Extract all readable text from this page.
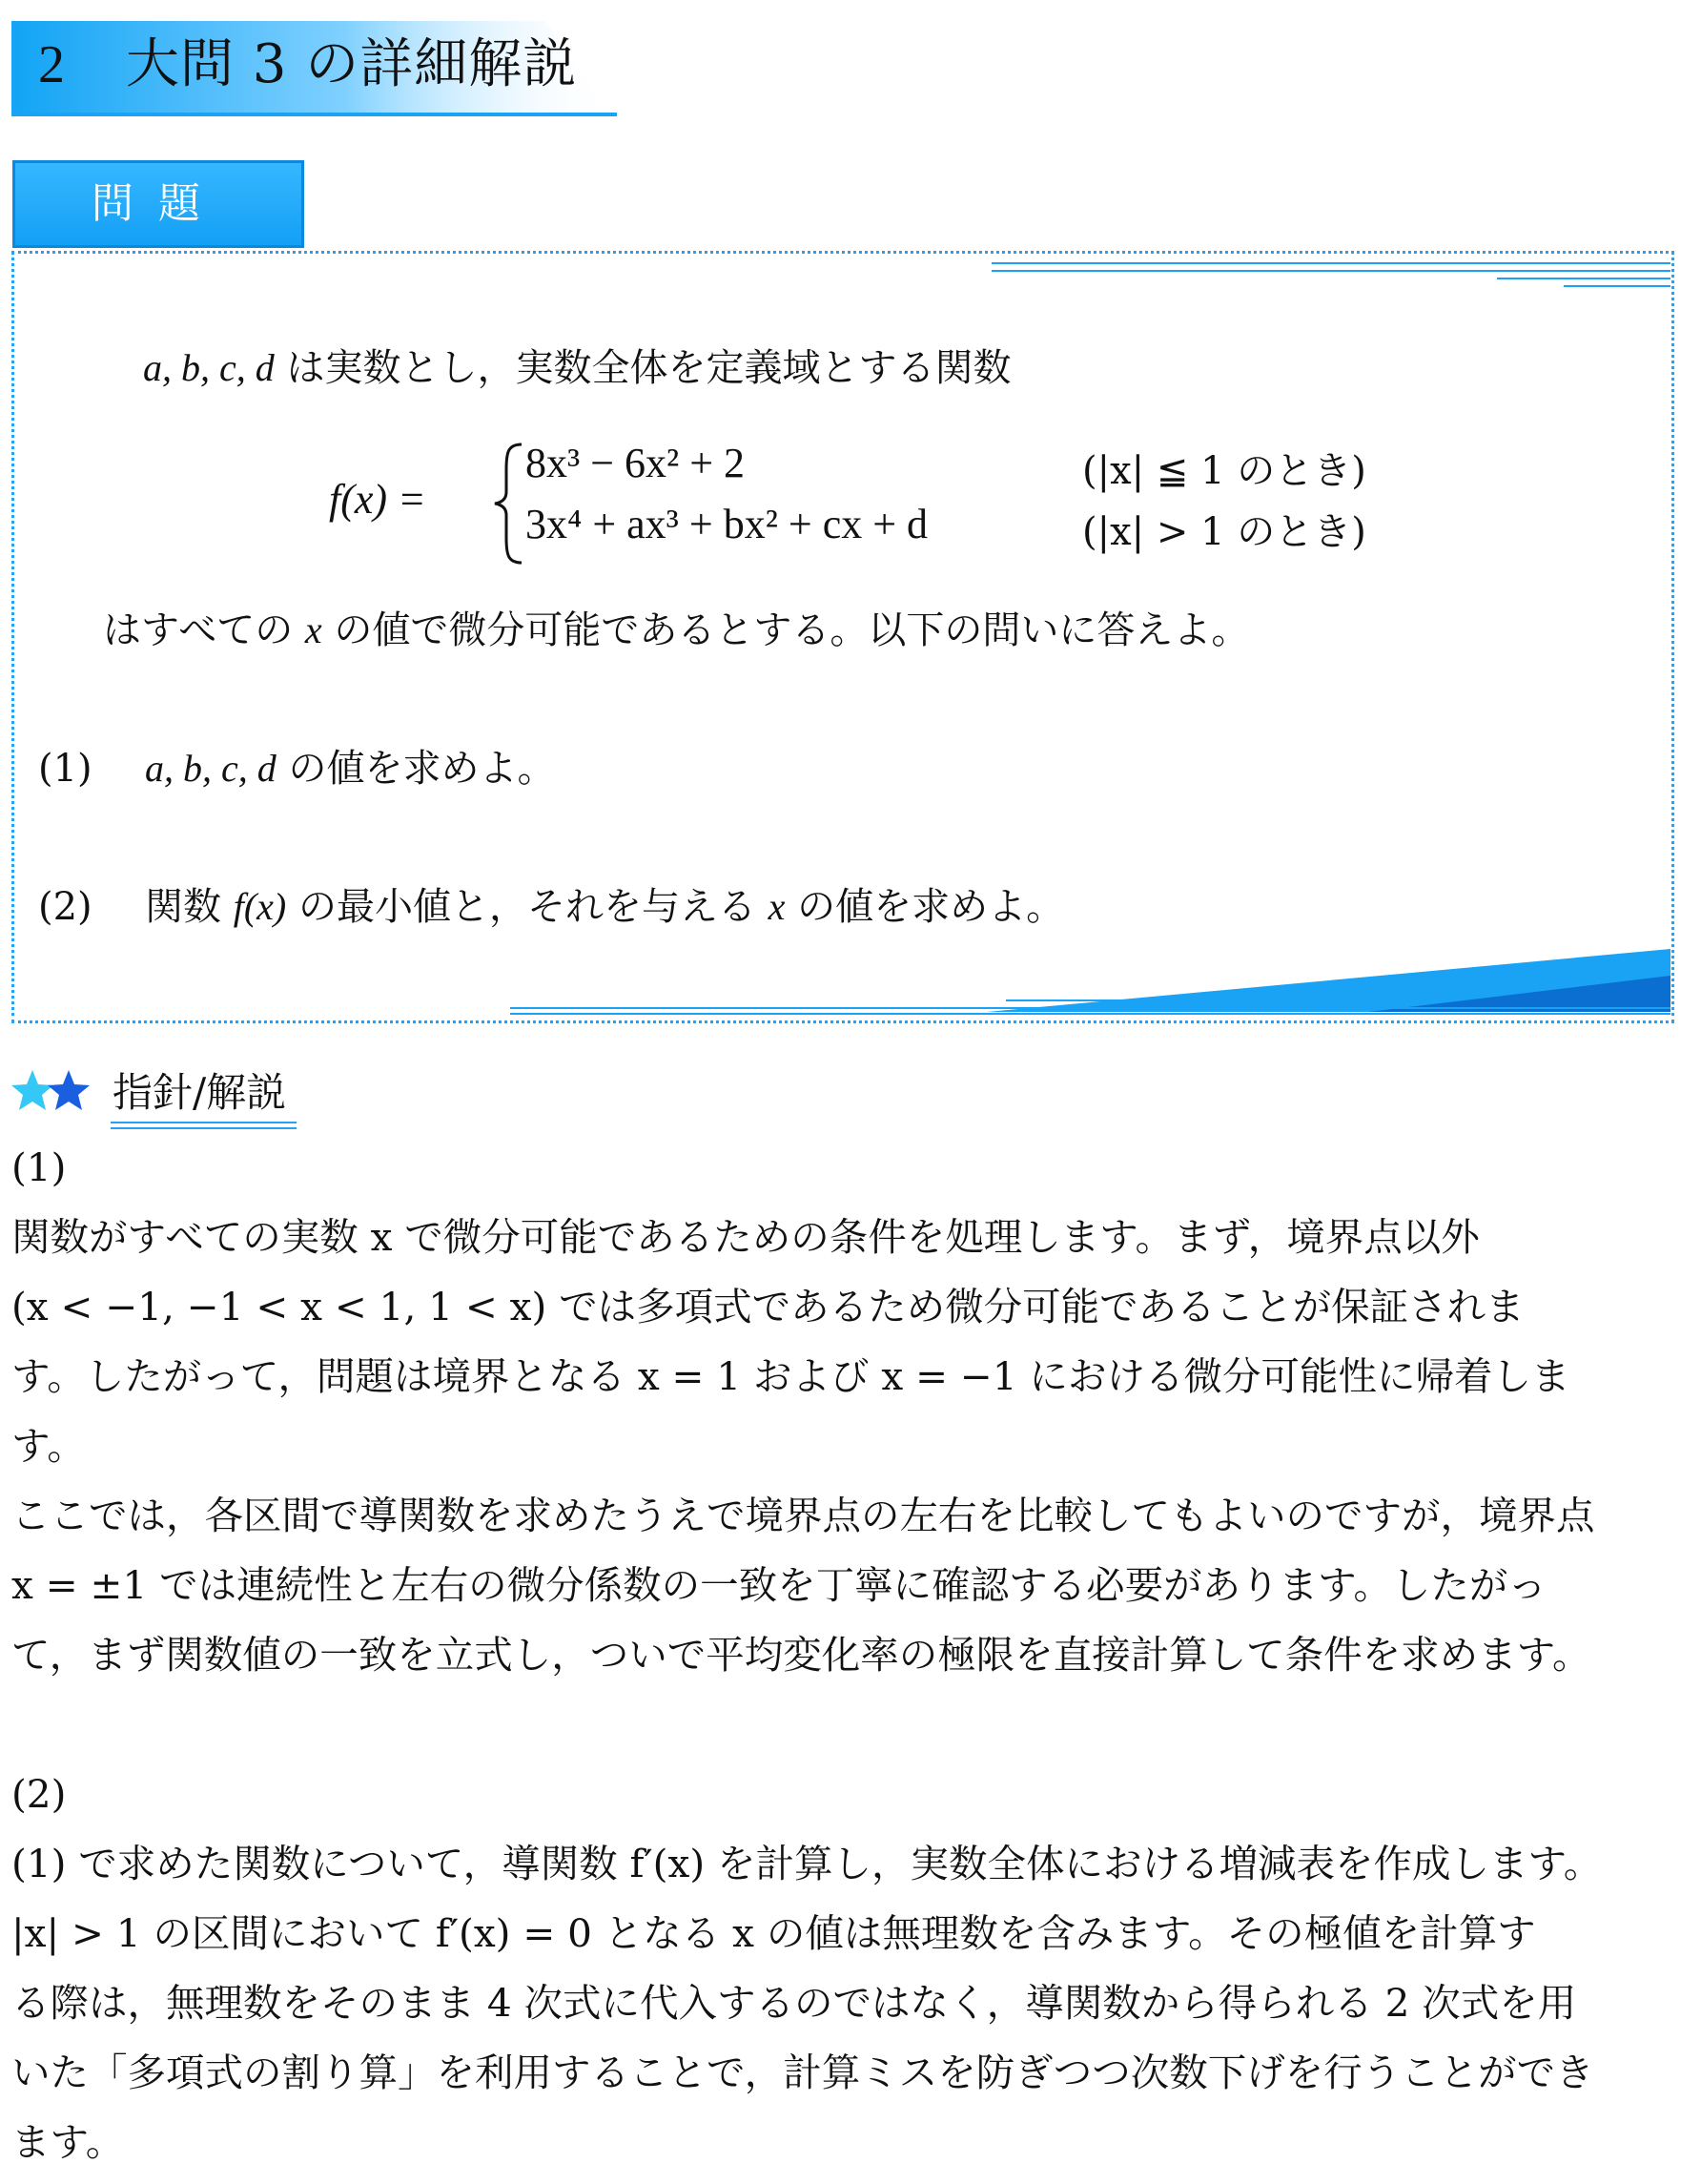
2 大問 3 の詳細解説
問題
a, b, c, d は実数とし，実数全体を定義域とする関数
f(x) =
8x³ − 6x² + 2
3x⁴ + ax³ + bx² + cx + d
(|x| ≦ 1 のとき)
(|x| > 1 のとき)
はすべての x の値で微分可能であるとする。以下の問いに答えよ。
(1) a, b, c, d の値を求めよ。
(2) 関数 f(x) の最小値と，それを与える x の値を求めよ。
指針/解説
(1)
関数がすべての実数 x で微分可能であるための条件を処理します。まず，境界点以外
(x < −1, −1 < x < 1, 1 < x) では多項式であるため微分可能であることが保証されま
す。したがって，問題は境界となる x = 1 および x = −1 における微分可能性に帰着しま
す。
ここでは，各区間で導関数を求めたうえで境界点の左右を比較してもよいのですが，境界点
x = ±1 では連続性と左右の微分係数の一致を丁寧に確認する必要があります。したがっ
て，まず関数値の一致を立式し，ついで平均変化率の極限を直接計算して条件を求めます。
(2)
(1) で求めた関数について，導関数 f′(x) を計算し，実数全体における増減表を作成します。
|x| > 1 の区間において f′(x) = 0 となる x の値は無理数を含みます。その極値を計算す
る際は，無理数をそのまま 4 次式に代入するのではなく，導関数から得られる 2 次式を用
いた「多項式の割り算」を利用することで，計算ミスを防ぎつつ次数下げを行うことができ
ます。
